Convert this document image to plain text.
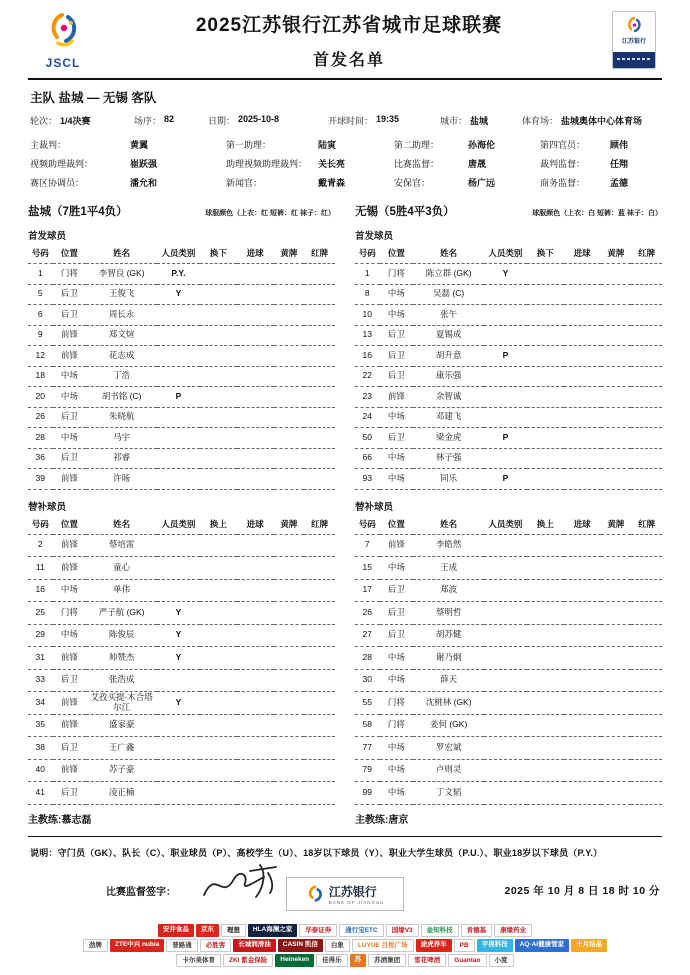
JSCL
2025江苏银行江苏省城市足球联赛
首发名单
江苏银行
主队 盐城 — 无锡 客队
轮次： 1/4决赛	场序： 82	日期： 2025-10-8	开球时间： 19:35	城市： 盐城	体育场： 盐城奥体中心体育场
主裁判：	黄翼	第一助理：	陆寅	第二助理：	孙海伦	第四官员：	顾伟
视频助理裁判：	崔跃强	助理视频助理裁判：	关长亮	比赛监督：	唐晟	裁判监督：	任翔
赛区协调员：	潘允和	新闻官：	戴青森	安保官：	杨广远	商务监督：	孟德
盐城（7胜1平4负）	球服颜色（上衣：红 短裤：红 袜子：红）
首发球员
号码	位置	姓名	人员类别	换下	进球	黄牌	红牌
1	门将	李智良 (GK)	P.Y.				
5	后卫	王俊飞	Y				
6	后卫	周长永					
9	前锋	郑文煊					
12	前锋	花志成					
18	中场	丁浩					
20	中场	胡书铭 (C)	P				
26	后卫	朱晓航					
28	中场	马宇					
36	后卫	祁睿					
39	前锋	许旸					
替补球员
号码	位置	姓名	人员类别	换上	进球	黄牌	红牌
2	前锋	蔡培雷					
11	前锋	童心					
16	中场	单伟					
25	门将	严子航 (GK)	Y				
29	中场	陈俊辰	Y				
31	前锋	帅赞杰	Y				
33	后卫	张浩成					
34	前锋	艾孜买提·木合塔尔江	Y				
35	前锋	盛家豪					
38	后卫	王广鑫					
40	前锋	苏子豪					
41	后卫	凌正楠					
主教练:慕志磊
无锡（5胜4平3负）	球服颜色（上衣：白 短裤：蓝 袜子：白）
首发球员
号码	位置	姓名	人员类别	换下	进球	黄牌	红牌
1	门将	陈立群 (GK)	Y				
8	中场	吴磊 (C)					
10	中场	张午					
13	后卫	夏锡成					
16	后卫	胡升意	P				
22	后卫	康乐强					
23	前锋	余智诚					
24	中场	邓建飞					
50	后卫	梁金虎	P				
66	中场	林子强					
93	中场	同乐	P				
替补球员
号码	位置	姓名	人员类别	换上	进球	黄牌	红牌
7	前锋	李皓然					
15	中场	王成					
17	后卫	郑波					
26	后卫	蔡明哲					
27	后卫	胡苏健					
28	中场	谢乃炯					
30	中场	薛天					
55	门将	沈桃林 (GK)					
58	门将	姜何 (GK)					
77	中场	罗宏斌					
79	中场	卢则灵					
99	中场	丁文韬					
主教练:唐京
说明：守门员（GK）、队长（C）、职业球员（P）、高校学生（U）、18岁以下球员（Y）、职业大学生球员（P.U.）、职业18岁以下球员（P.Y.）
比赛监督签字：	江苏银行
BANK OF JIANGSU
2025 年 10 月 8 日 18 时 10 分
安井食品 京东 理想 HLA海澜之家 华泰证券 通行宝ETC 国缘V3 垒知科技 肯德基 康缘药业
劲牌 ZTE中兴 nubia 普路通 必胜客 长城润滑油 CASIN 凯信 白象 LUYUE 吕悦广场 途虎养车 PB 宇视科技 AQ·AI健康管家 十月结晶
卡尔美体育 ZKI 紫金保险 Heineken 佳得乐 苏 苏酒集团 雪花啤酒 Guantao 小度
